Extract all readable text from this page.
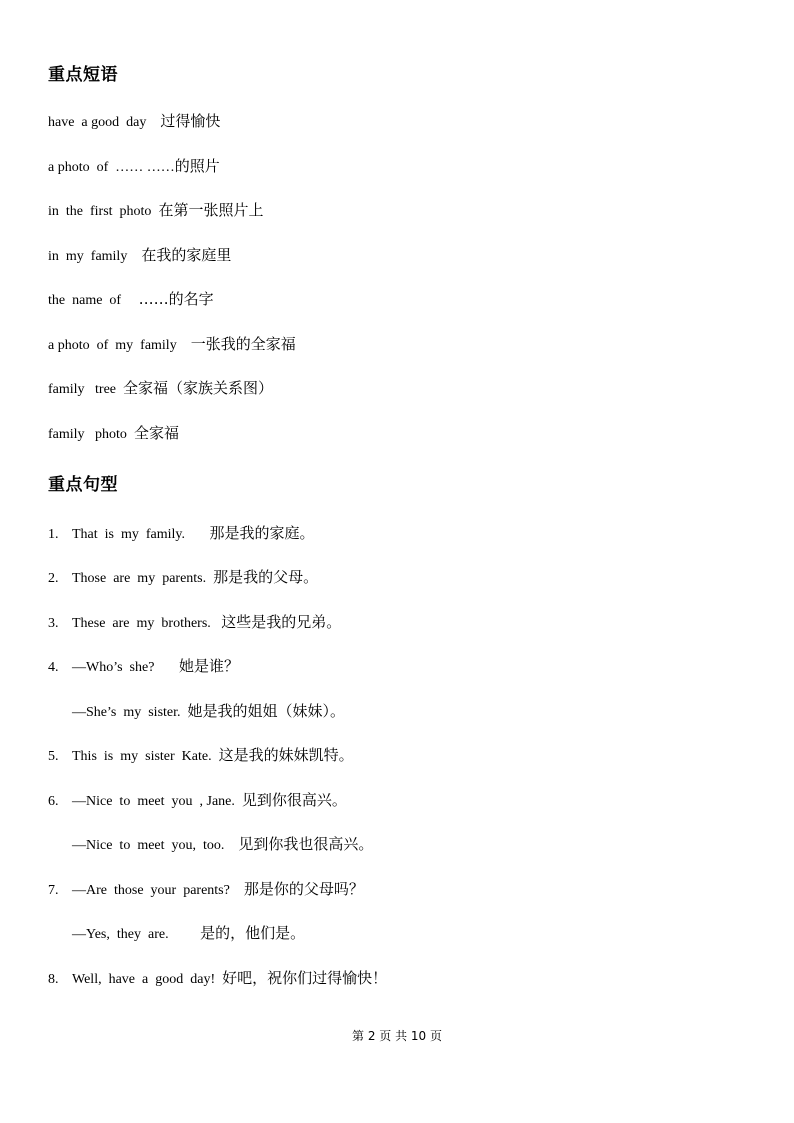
重点短语
have  a good  day 过得愉快
a photo  of  …… ……的照片
in  the  first  photo 在第一张照片上
in  my  family 在我的家庭里
the  name  of ……的名字
a photo  of  my  family 一张我的全家福
family   tree 全家福（家族关系图）
family   photo 全家福
重点句型
1. That  is  my  family. 那是我的家庭。
2. Those  are  my  parents. 那是我的父母。
3. These  are  my  brothers. 这些是我的兄弟。
4. —Who’s  she? 她是谁？
—She’s  my  sister. 她是我的姐姐（妹妹）。
5. This  is  my  sister  Kate. 这是我的妹妹凯特。
6. —Nice  to  meet  you  , Jane. 见到你很高兴。
—Nice  to  meet  you,  too. 见到你我也很高兴。
7. —Are  those  your  parents? 那是你的父母吗？
—Yes,  they  are. 是的，他们是。
8. Well,  have  a  good  day! 好吧，祝你们过得愉快！
第 2 页 共 10 页
